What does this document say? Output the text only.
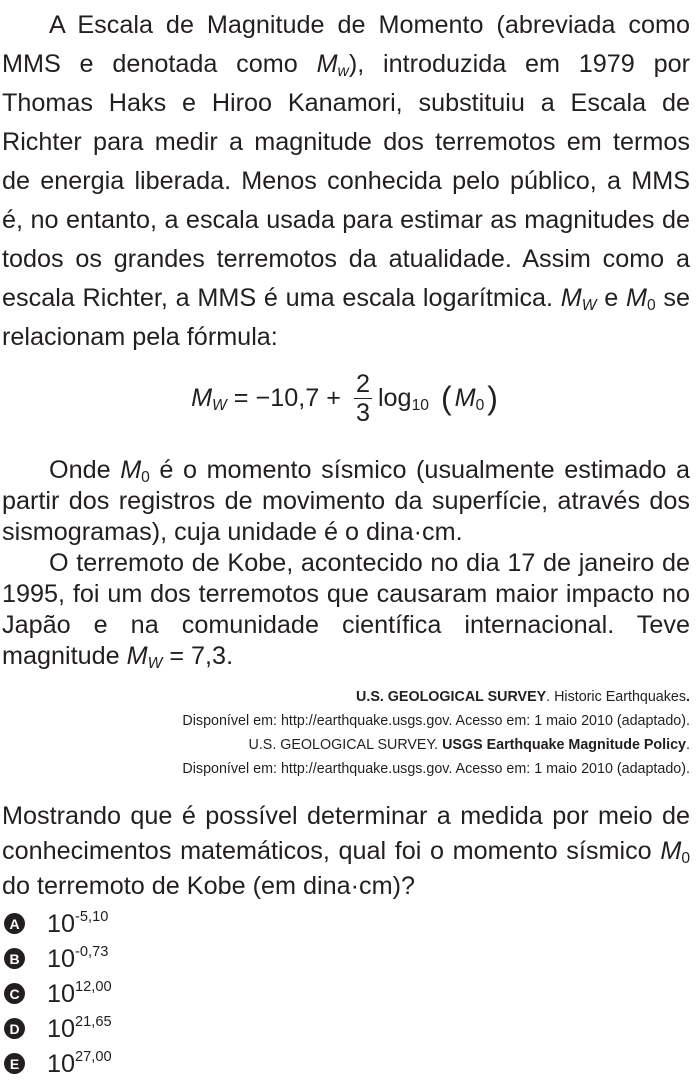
A Escala de Magnitude de Momento (abreviada como MMS e denotada como Mw), introduzida em 1979 por Thomas Haks e Hiroo Kanamori, substituiu a Escala de Richter para medir a magnitude dos terremotos em termos de energia liberada. Menos conhecida pelo público, a MMS é, no entanto, a escala usada para estimar as magnitudes de todos os grandes terremotos da atualidade. Assim como a escala Richter, a MMS é uma escala logarítmica. MW e M0 se relacionam pela fórmula:

MW = $-10,7 + \frac{2}{3} \log 10$ ( M0 )

Onde M0 é o momento sísmico (usualmente estimado a partir dos registros de movimento da superfície, através dos sismogramas), cuja unidade é o dina·cm.

O terremoto de Kobe, acontecido no dia 17 de janeiro de 1995, foi um dos terremotos que causaram maior impacto no Japão e na comunidade científica internacional. Teve magnitude MW = 7,3.

U.S. GEOLOGICAL SURVEY. Historic Earthquakes.
Disponível em: http://earthquake.usgs.gov. Acesso em: 1 maio 2010 (adaptado).
U.S. GEOLOGICAL SURVEY. USGS Earthquake Magnitude Policy.
Disponível em: http://earthquake.usgs.gov. Acesso em: 1 maio 2010 (adaptado).

Mostrando que é possível determinar a medida por meio de conhecimentos matemáticos, qual foi o momento sísmico M0 do terremoto de Kobe (em dina·cm)?

A $10^{-5,10}$
B $10^{-0,73}$
C 10$^{12,00}$
D 10$^{21,65}$
E 10$^{27,00}$
